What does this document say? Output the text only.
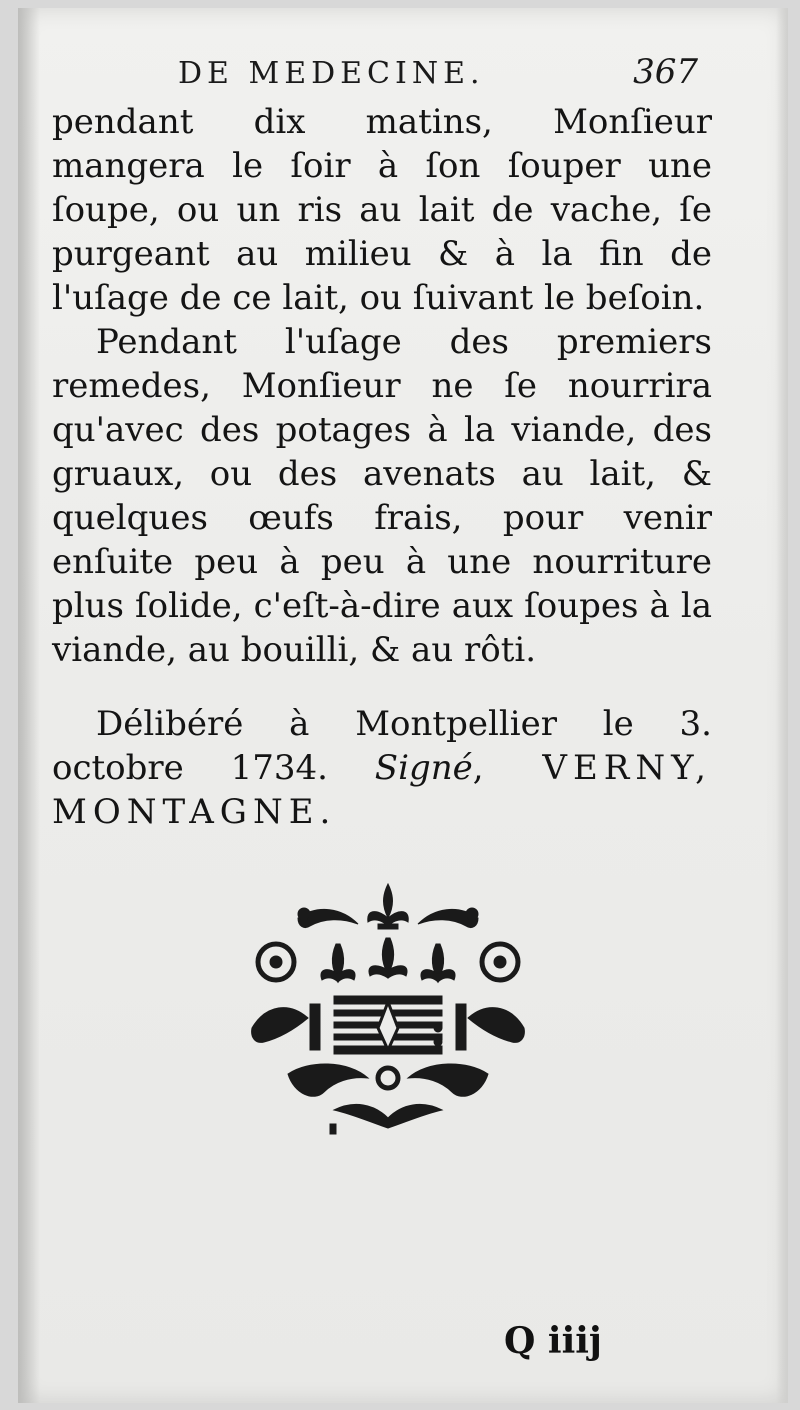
DE MEDECINE.	367

pendant dix matins, Monſieur mangera le ſoir à ſon ſouper une ſoupe, ou un ris au lait de vache, ſe purgeant au milieu & à la fin de l'uſage de ce lait, ou ſuivant le beſoin.

Pendant l'uſage des premiers remedes, Monſieur ne ſe nourrira qu'avec des potages à la viande, des gruaux, ou des avenats au lait, & quelques œufs frais, pour venir enſuite peu à peu à une nourriture plus ſolide, c'eſt-à-dire aux ſoupes à la viande, au bouilli, & au rôti.

Délibéré à Montpellier le 3. octobre 1734. Signé, VERNY, MONTAGNE.
Q iiij
